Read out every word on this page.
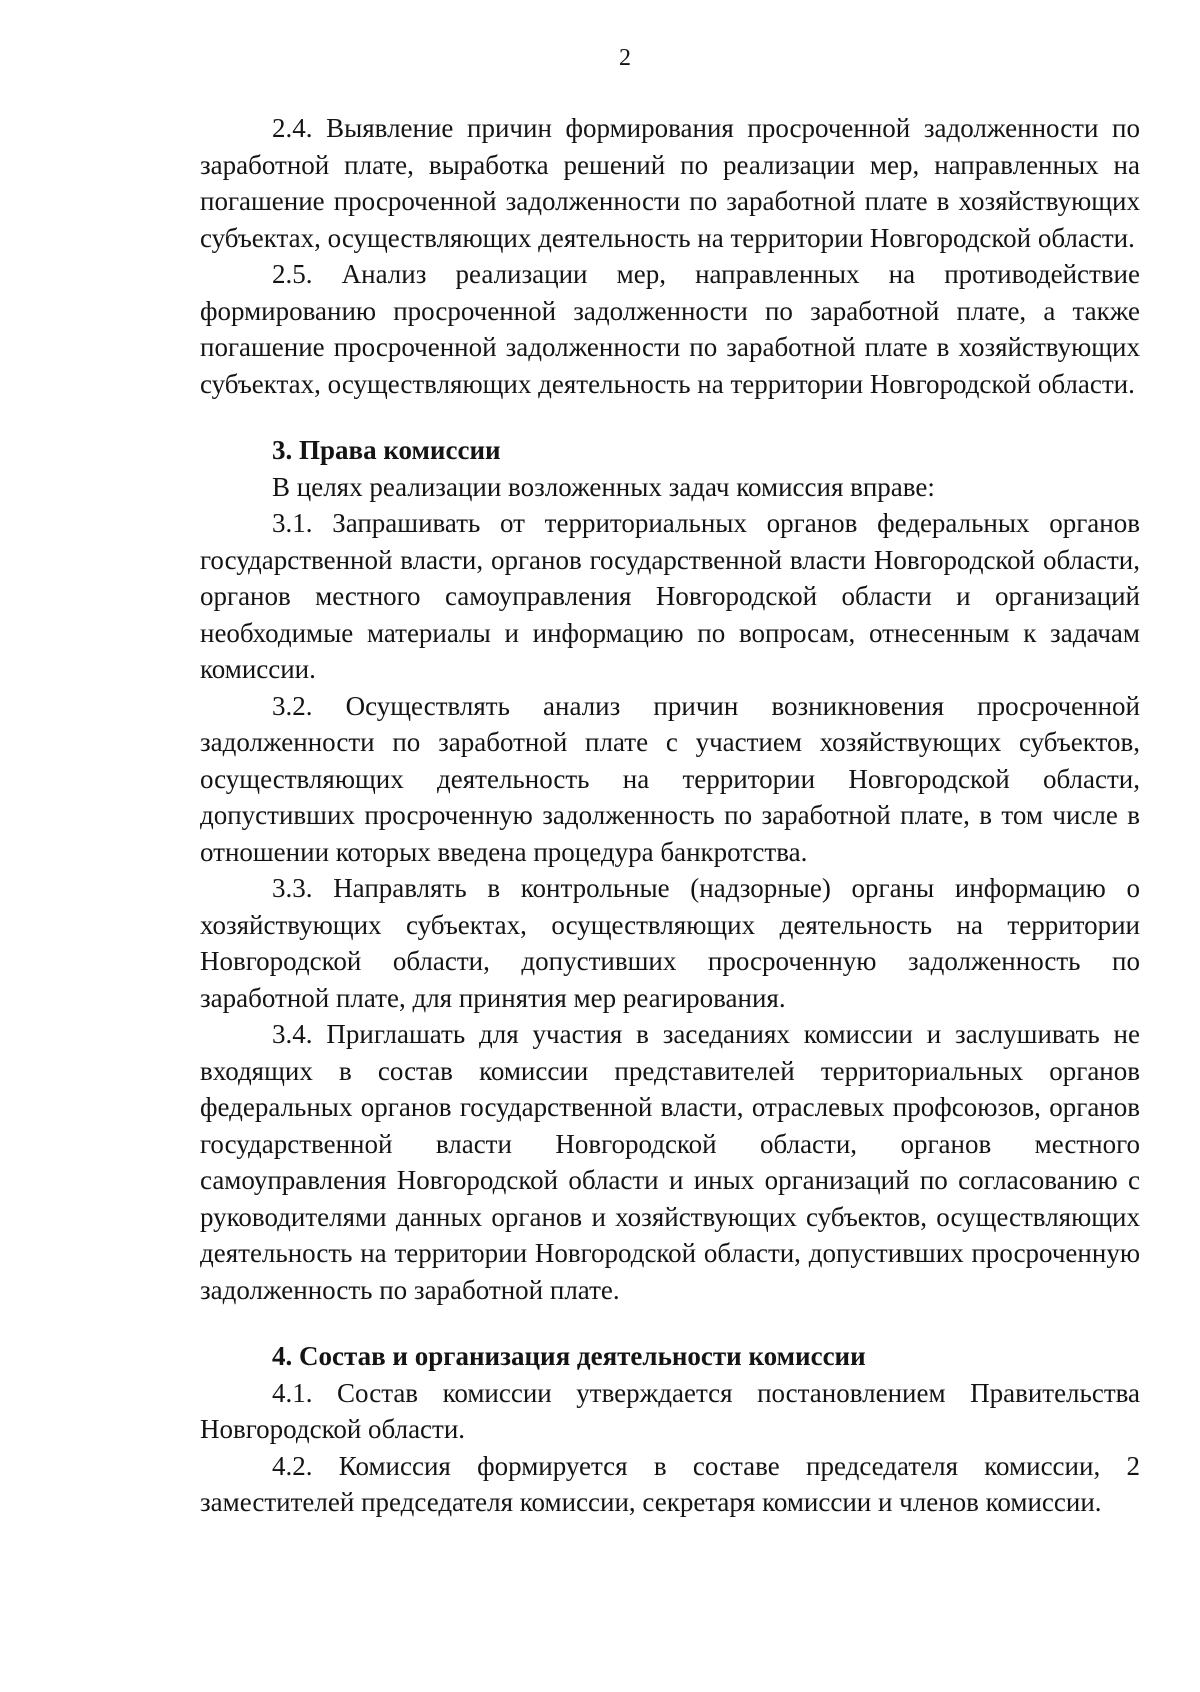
2

2.4. Выявление причин формирования просроченной задолженности по заработной плате, выработка решений по реализации мер, направленных на погашение просроченной задолженности по заработной плате в хозяйствующих субъектах, осуществляющих деятельность на территории Новгородской области.

2.5. Анализ реализации мер, направленных на противодействие формированию просроченной задолженности по заработной плате, а также погашение просроченной задолженности по заработной плате в хозяйствующих субъектах, осуществляющих деятельность на территории Новгородской области.

3. Права комиссии

В целях реализации возложенных задач комиссия вправе:

3.1. Запрашивать от территориальных органов федеральных органов государственной власти, органов государственной власти Новгородской области, органов местного самоуправления Новгородской области и организаций необходимые материалы и информацию по вопросам, отнесенным к задачам комиссии.

3.2. Осуществлять анализ причин возникновения просроченной задолженности по заработной плате с участием хозяйствующих субъектов, осуществляющих деятельность на территории Новгородской области, допустивших просроченную задолженность по заработной плате, в том числе в отношении которых введена процедура банкротства.

3.3. Направлять в контрольные (надзорные) органы информацию о хозяйствующих субъектах, осуществляющих деятельность на территории Новгородской области, допустивших просроченную задолженность по заработной плате, для принятия мер реагирования.

3.4. Приглашать для участия в заседаниях комиссии и заслушивать не входящих в состав комиссии представителей территориальных органов федеральных органов государственной власти, отраслевых профсоюзов, органов государственной власти Новгородской области, органов местного самоуправления Новгородской области и иных организаций по согласованию с руководителями данных органов и хозяйствующих субъектов, осуществляющих деятельность на территории Новгородской области, допустивших просроченную задолженность по заработной плате.

4. Состав и организация деятельности комиссии

4.1. Состав комиссии утверждается постановлением Правительства Новгородской области.

4.2. Комиссия формируется в составе председателя комиссии, 2 заместителей председателя комиссии, секретаря комиссии и членов комиссии.
